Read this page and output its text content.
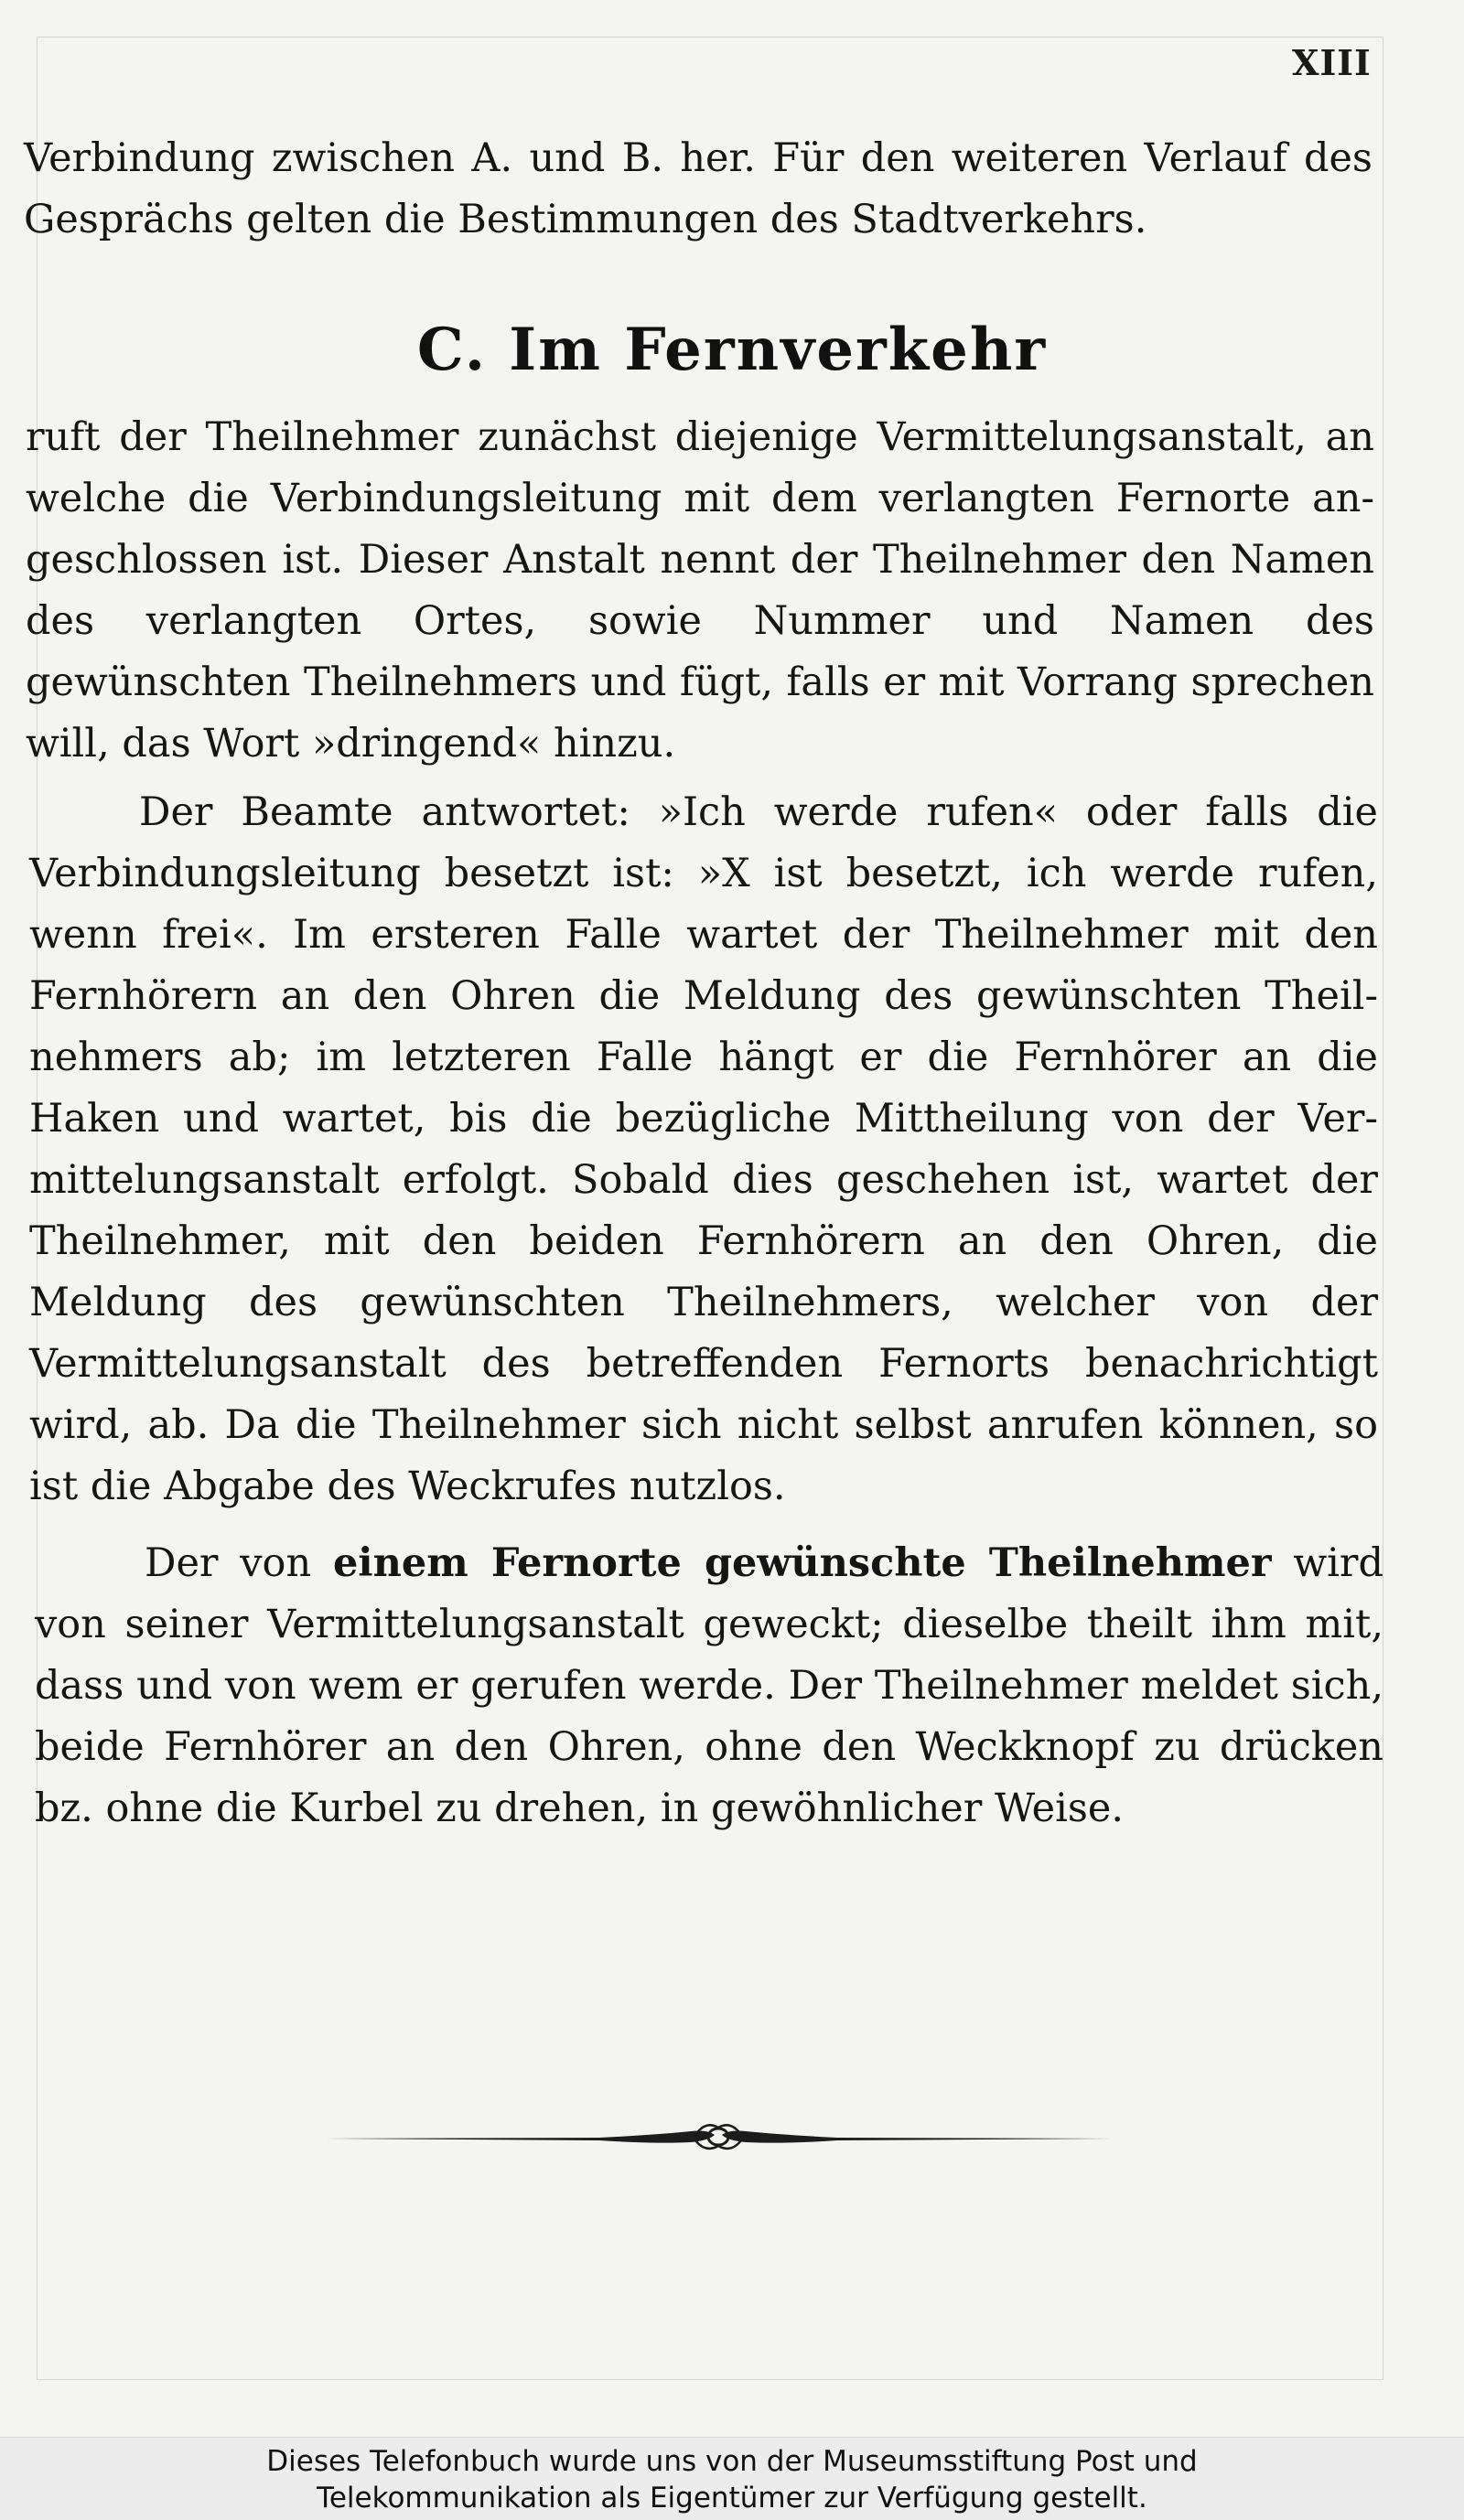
XIII

Verbindung zwischen A. und B. her. Für den weiteren Verlauf des Gesprächs gelten die Bestimmungen des Stadtverkehrs.

C. Im Fernverkehr

ruft der Theilnehmer zunächst diejenige Vermittelungsanstalt, an welche die Verbindungsleitung mit dem verlangten Fernorte angeschlossen ist. Dieser Anstalt nennt der Theilnehmer den Namen des verlangten Ortes, sowie Nummer und Namen des gewünschten Theilnehmers und fügt, falls er mit Vorrang sprechen will, das Wort »dringend« hinzu.

Der Beamte antwortet: »Ich werde rufen« oder falls die Verbindungsleitung besetzt ist: »X ist besetzt, ich werde rufen, wenn frei«. Im ersteren Falle wartet der Theilnehmer mit den Fernhörern an den Ohren die Meldung des gewünschten Theilnehmers ab; im letzteren Falle hängt er die Fernhörer an die Haken und wartet, bis die bezügliche Mittheilung von der Vermittelungsanstalt erfolgt. Sobald dies geschehen ist, wartet der Theilnehmer, mit den beiden Fernhörern an den Ohren, die Meldung des gewünschten Theilnehmers, welcher von der Vermittelungsanstalt des betreffenden Fernorts benachrichtigt wird, ab. Da die Theilnehmer sich nicht selbst anrufen können, so ist die Abgabe des Weckrufes nutzlos.

Der von einem Fernorte gewünschte Theilnehmer wird von seiner Vermittelungsanstalt geweckt; dieselbe theilt ihm mit, dass und von wem er gerufen werde. Der Theilnehmer meldet sich, beide Fernhörer an den Ohren, ohne den Weckknopf zu drücken bz. ohne die Kurbel zu drehen, in gewöhnlicher Weise.

Dieses Telefonbuch wurde uns von der Museumsstiftung Post und
Telekommunikation als Eigentümer zur Verfügung gestellt.
